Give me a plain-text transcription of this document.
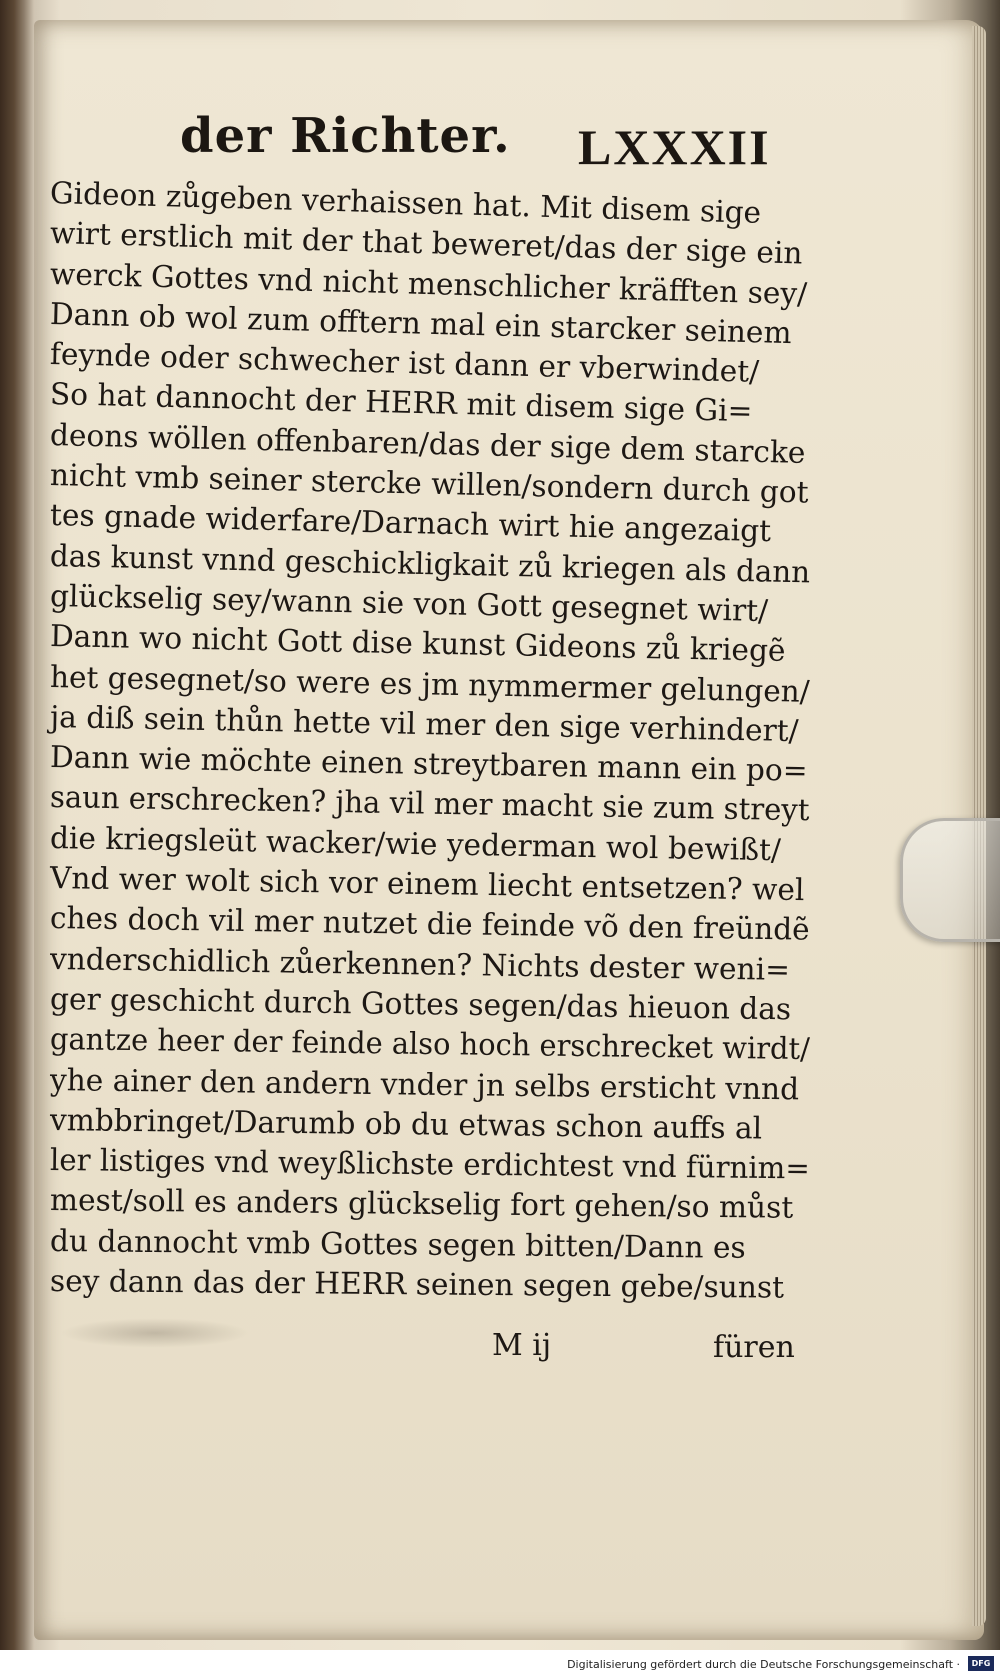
der Richter. LXXXII
Gideon zůgeben verhaissen hat. Mit disem sige
wirt erstlich mit der that beweret/das der sige ein
werck Gottes vnd nicht menschlicher kräfften sey/
Dann ob wol zum offtern mal ein starcker seinem
feynde oder schwecher ist dann er vberwindet/
So hat dannocht der HERR mit disem sige Gi=
deons wöllen offenbaren/das der sige dem starcke
nicht vmb seiner stercke willen/sondern durch got
tes gnade widerfare/Darnach wirt hie angezaigt
das kunst vnnd geschickligkait zů kriegen als dann
glückselig sey/wann sie von Gott gesegnet wirt/
Dann wo nicht Gott dise kunst Gideons zů kriegẽ
het gesegnet/so were es jm nymmermer gelungen/
ja diß sein thůn hette vil mer den sige verhindert/
Dann wie möchte einen streytbaren mann ein po=
saun erschrecken? jha vil mer macht sie zum streyt
die kriegsleüt wacker/wie yederman wol bewißt/
Vnd wer wolt sich vor einem liecht entsetzen? wel
ches doch vil mer nutzet die feinde võ den freündẽ
vnderschidlich zůerkennen? Nichts dester weni=
ger geschicht durch Gottes segen/das hieuon das
gantze heer der feinde also hoch erschrecket wirdt/
yhe ainer den andern vnder jn selbs ersticht vnnd
vmbbringet/Darumb ob du etwas schon auffs al
ler listiges vnd weyßlichste erdichtest vnd fürnim=
mest/soll es anders glückselig fort gehen/so můst
du dannocht vmb Gottes segen bitten/Dann es
sey dann das der HERR seinen segen gebe/sunst
M ij	füren
Digitalisierung gefördert durch die Deutsche Forschungsgemeinschaft ·	DFG
